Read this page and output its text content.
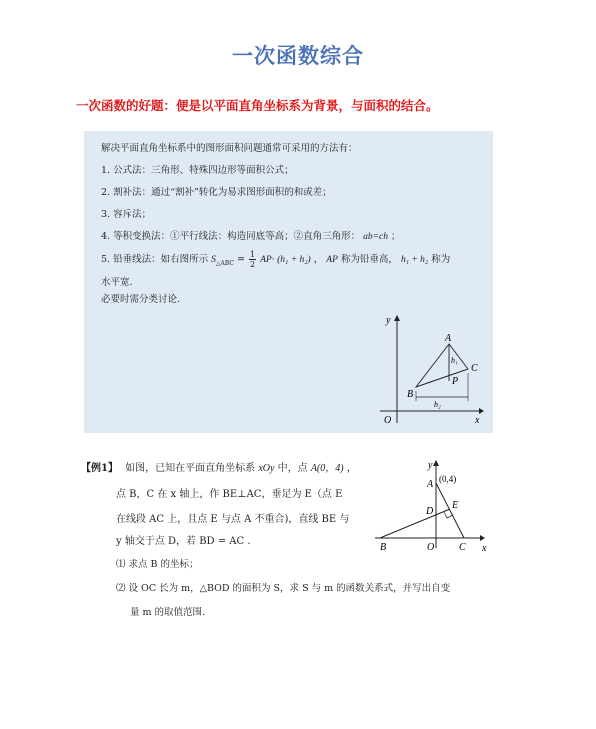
一次函数综合
一次函数的好题：便是以平面直角坐标系为背景，与面积的结合。
解决平面直角坐标系中的图形面积问题通常可采用的方法有：
1. 公式法：三角形、特殊四边形等面积公式；
2. 割补法：通过“割补”转化为易求图形面积的和或差；
3. 容斥法；
4. 等积变换法：①平行线法：构造同底等高；②直角三角形： ab=ch ；
5. 铅垂线法：如右图所示 $S_{\triangle ABC} = \frac{1}{2} AP\cdot (h_1 + h_2)$ ， AP 称为铅垂高， h₁ + h₂ 称为
水平宽.
必要时需分类讨论.
y
x
O
A
B
C
P
h₁
h₂
【例1】 如图，已知在平面直角坐标系 xOy 中，点 A(0，4) ，
点 B，C 在 x 轴上，作 BE⊥AC，垂足为 E（点 E
在线段 AC 上，且点 E 与点 A 不重合)，直线 BE 与
y 轴交于点 D，若 BD = AC .
⑴ 求点 B 的坐标；
⑵ 设 OC 长为 m，△BOD 的面积为 S，求 S 与 m 的函数关系式，并写出自变
量 m 的取值范围.
y
x
O
A (0,4)
B	C
D
E
